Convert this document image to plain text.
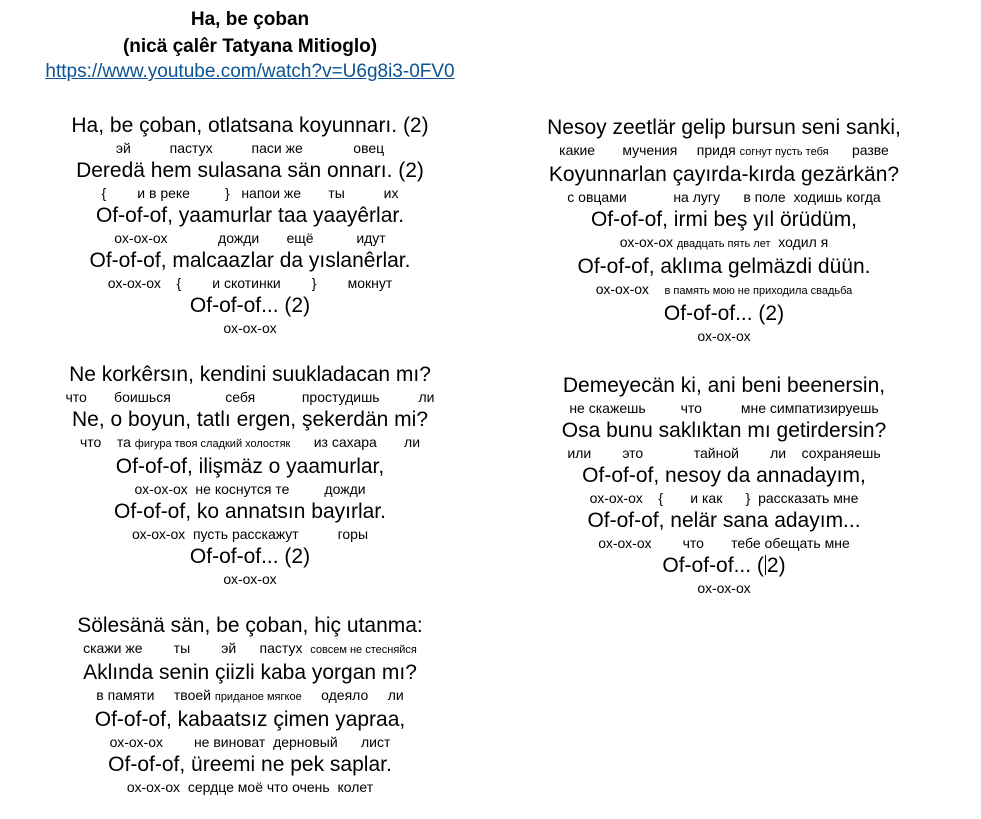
Ha, be çoban
(nicä çalêr Tatyana Mitioglo)
https://www.youtube.com/watch?v=U6g8i3-0FV0
Ha, be çoban, otlatsana koyunnarı. (2)
эй          пастух          паси же             овец
Deredä hem sulasana sän onnarı. (2)
{        и в реке         }   напои же       ты          их
Of-of-of, yaamurlar taa yaayêrlar.
ох-ох-ох             дожди       ещё           идут
Of-of-of, malcaazlar da yıslanêrlar.
ох-ох-ох    {        и скотинки        }        мокнут
Of-of-of... (2)
ох-ох-ох
Ne korkêrsın, kendini suukladacan mı?
что       боишься              себя            простудишь          ли
Ne, o boyun, tatlı ergen, şekerdän mi?
что    та фигура твоя сладкий холостяк      из сахара       ли
Of-of-of, ilişmäz o yaamurlar,
ох-ох-ох  не коснутся те         дожди
Of-of-of, ko annatsın bayırlar.
ох-ох-ох  пусть расскажут          горы
Of-of-of... (2)
ох-ох-ох
Sölesänä sän, be çoban, hiç utanma:
скажи же        ты        эй      пастух  совсем не стесняйся
Aklında senin çiizli kaba yorgan mı?
в памяти     твоей приданое мягкое     одеяло     ли
Of-of-of, kabaatsız çimen yapraa,
ох-ох-ох        не виноват  дерновый      лист
Of-of-of, üreemi ne pek saplar.
ох-ох-ох  сердце моё что очень  колет
Nesoy zeetlär gelip bursun seni sanki,
какие       мучения     придя согнут пусть тебя      разве
Koyunnarlan çayırda-kırda gezärkän?
с овцами            на лугу      в поле  ходишь когда
Of-of-of, irmi beş yıl örüdüm,
ох-ох-ох двадцать пять лет  ходил я
Of-of-of, aklıma gelmäzdi düün.
ох-ох-ох    в память мою не приходила свадьба
Of-of-of... (2)
ох-ох-ох
Demeyecän ki, ani beni beenersin,
не скажешь         что          мне симпатизируешь
Osa bunu saklıktan mı getirdersin?
или        это             тайной        ли    сохраняешь
Of-of-of, nesoy da annadayım,
ох-ох-ох    {       и как      }  рассказать мне
Of-of-of, nelär sana adayım...
ох-ох-ох        что       тебе обещать мне
Of-of-of... ( 2)
ох-ох-ох
